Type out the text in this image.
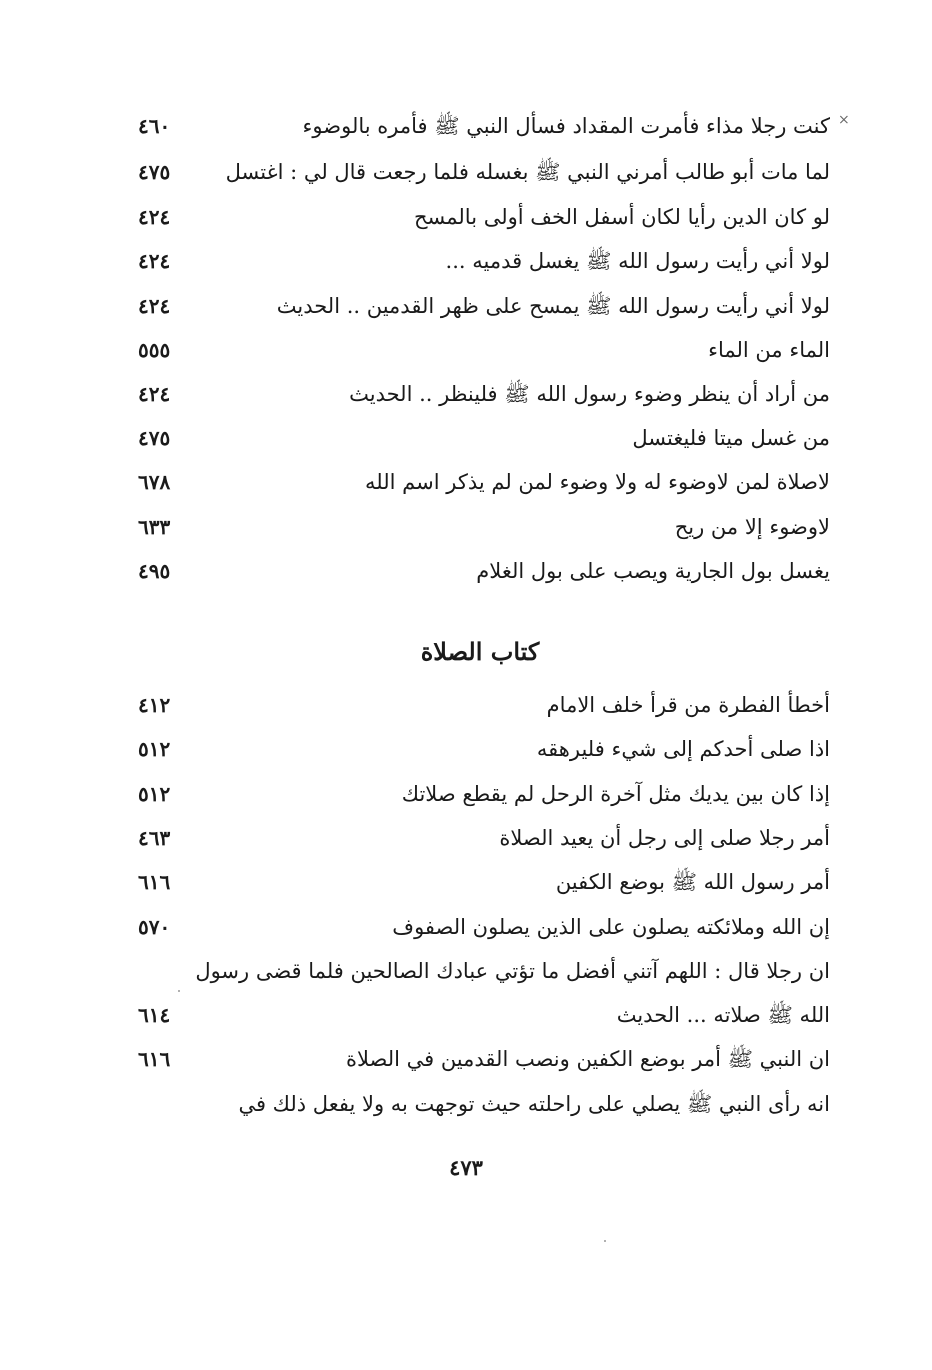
×
كنت رجلا مذاء فأمرت المقداد فسأل النبي ﷺ فأمره بالوضوء
٤٦٠
لما مات أبو طالب أمرني النبي ﷺ بغسله فلما رجعت قال لي : اغتسل
٤٧٥
لو كان الدين رأيا لكان أسفل الخف أولى بالمسح
٤٢٤
لولا أني رأيت رسول الله ﷺ يغسل قدميه ...
٤٢٤
لولا أني رأيت رسول الله ﷺ يمسح على ظهر القدمين .. الحديث
٤٢٤
الماء من الماء
٥٥٥
من أراد أن ينظر وضوء رسول الله ﷺ فلينظر .. الحديث
٤٢٤
من غسل ميتا فليغتسل
٤٧٥
لاصلاة لمن لاوضوء له ولا وضوء لمن لم يذكر اسم الله
٦٧٨
لاوضوء إلا من ريح
٦٣٣
يغسل بول الجارية ويصب على بول الغلام
٤٩٥
كتاب الصلاة
أخطأ الفطرة من قرأ خلف الامام
٤١٢
اذا صلى أحدكم إلى شيء فليرهقه
٥١٢
إذا كان بين يديك مثل آخرة الرحل لم يقطع صلاتك
٥١٢
أمر رجلا صلى إلى رجل أن يعيد الصلاة
٤٦٣
أمر رسول الله ﷺ بوضع الكفين
٦١٦
إن الله وملائكته يصلون على الذين يصلون الصفوف
٥٧٠
ان رجلا قال : اللهم آتني أفضل ما تؤتي عبادك الصالحين فلما قضى رسول
الله ﷺ صلاته ... الحديث
٦١٤
ان النبي ﷺ أمر بوضع الكفين ونصب القدمين في الصلاة
٦١٦
انه رأى النبي ﷺ يصلي على راحلته حيث توجهت به ولا يفعل ذلك في
٤٧٣
